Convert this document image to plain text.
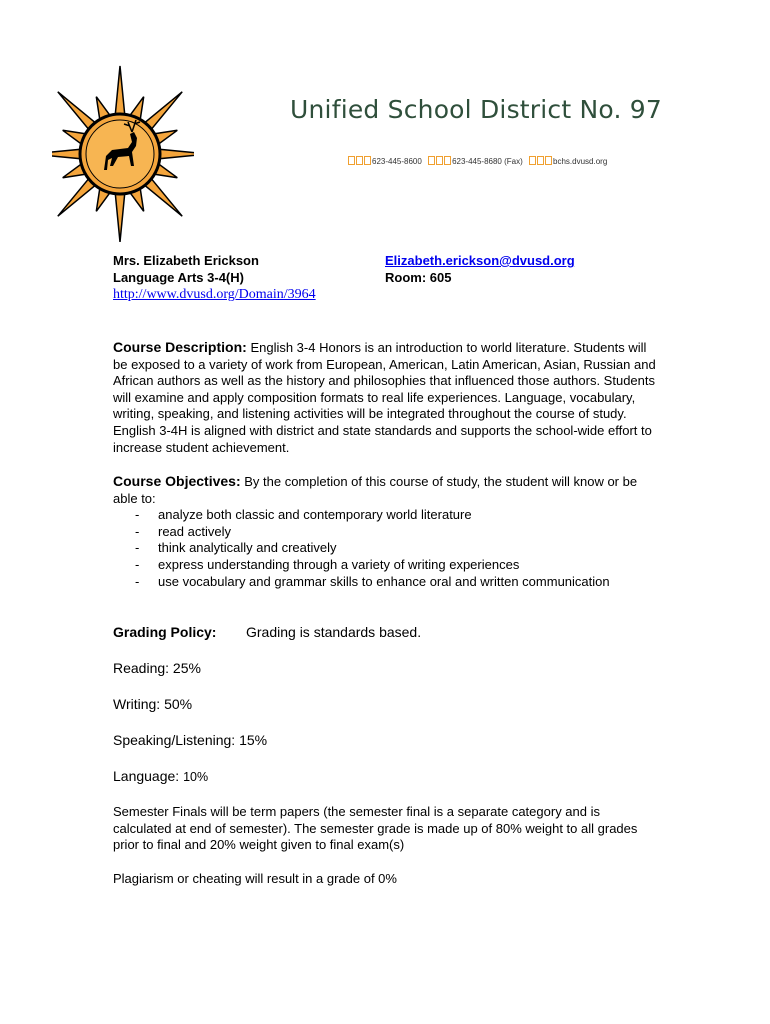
Unified School District No. 97
623-445-8600	623-445-8680 (Fax)	bchs.dvusd.org
Mrs. Elizabeth Erickson
Language Arts 3-4(H)
http://www.dvusd.org/Domain/3964
Elizabeth.erickson@dvusd.org
Room: 605
Course Description: English 3-4 Honors is an introduction to world literature. Students will be exposed to a variety of work from European, American, Latin American, Asian, Russian and African authors as well as the history and philosophies that influenced those authors. Students will examine and apply composition formats to real life experiences. Language, vocabulary, writing, speaking, and listening activities will be integrated throughout the course of study. English 3-4H is aligned with district and state standards and supports the school-wide effort to increase student achievement.
Course Objectives: By the completion of this course of study, the student will know or be able to:
- analyze both classic and contemporary world literature
- read actively
- think analytically and creatively
- express understanding through a variety of writing experiences
- use vocabulary and grammar skills to enhance oral and written communication
Grading Policy: Grading is standards based.
Reading: 25%
Writing: 50%
Speaking/Listening: 15%
Language: 10%
Semester Finals will be term papers (the semester final is a separate category and is calculated at end of semester). The semester grade is made up of 80% weight to all grades prior to final and 20% weight given to final exam(s)
Plagiarism or cheating will result in a grade of 0%
